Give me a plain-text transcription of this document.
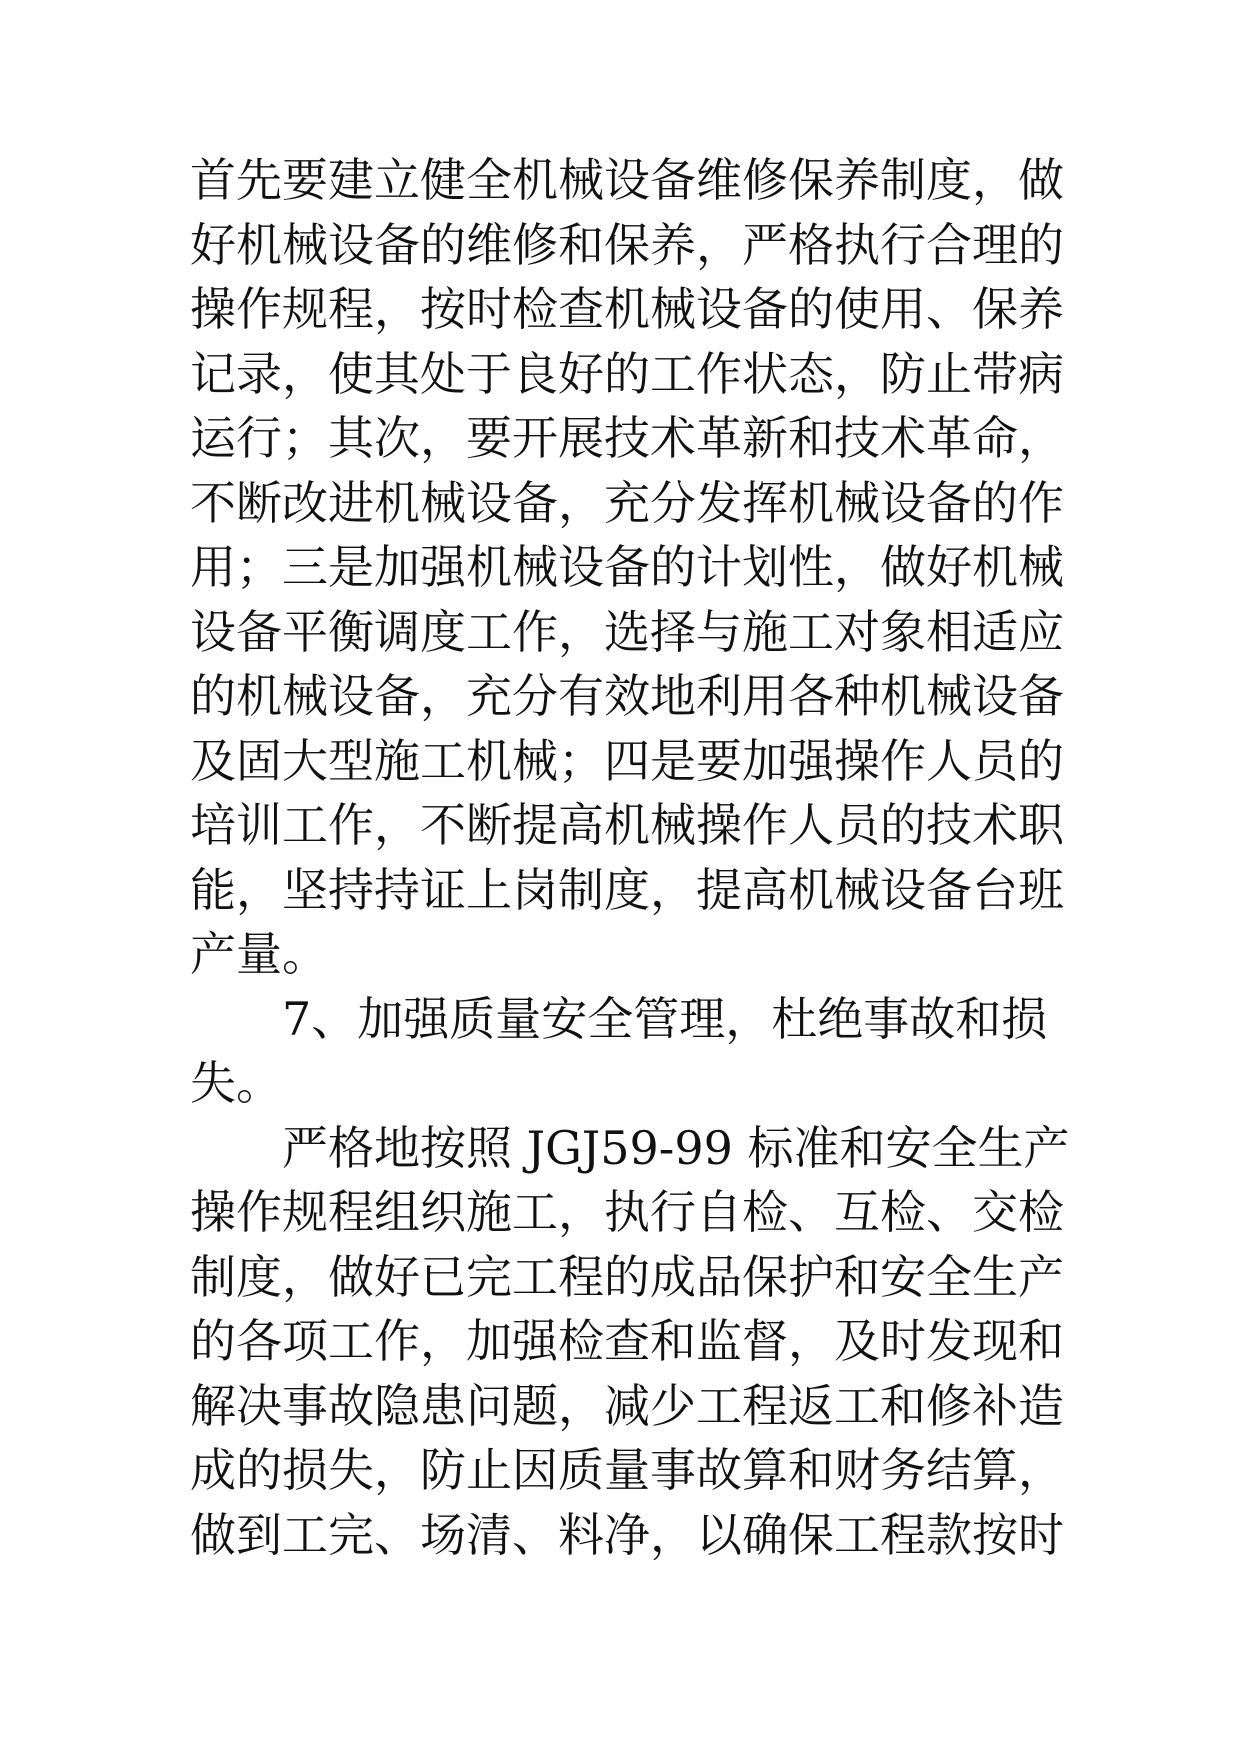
首先要建立健全机械设备维修保养制度，做
好机械设备的维修和保养，严格执行合理的
操作规程，按时检查机械设备的使用、保养
记录，使其处于良好的工作状态，防止带病
运行；其次，要开展技术革新和技术革命，
不断改进机械设备，充分发挥机械设备的作
用；三是加强机械设备的计划性，做好机械
设备平衡调度工作，选择与施工对象相适应
的机械设备，充分有效地利用各种机械设备
及固大型施工机械；四是要加强操作人员的
培训工作，不断提高机械操作人员的技术职
能，坚持持证上岗制度，提高机械设备台班
产量。
7、加强质量安全管理，杜绝事故和损
失。
严格地按照 JGJ59-99 标准和安全生产
操作规程组织施工，执行自检、互检、交检
制度，做好已完工程的成品保护和安全生产
的各项工作，加强检查和监督，及时发现和
解决事故隐患问题，减少工程返工和修补造
成的损失，防止因质量事故算和财务结算，
做到工完、场清、料净，以确保工程款按时
